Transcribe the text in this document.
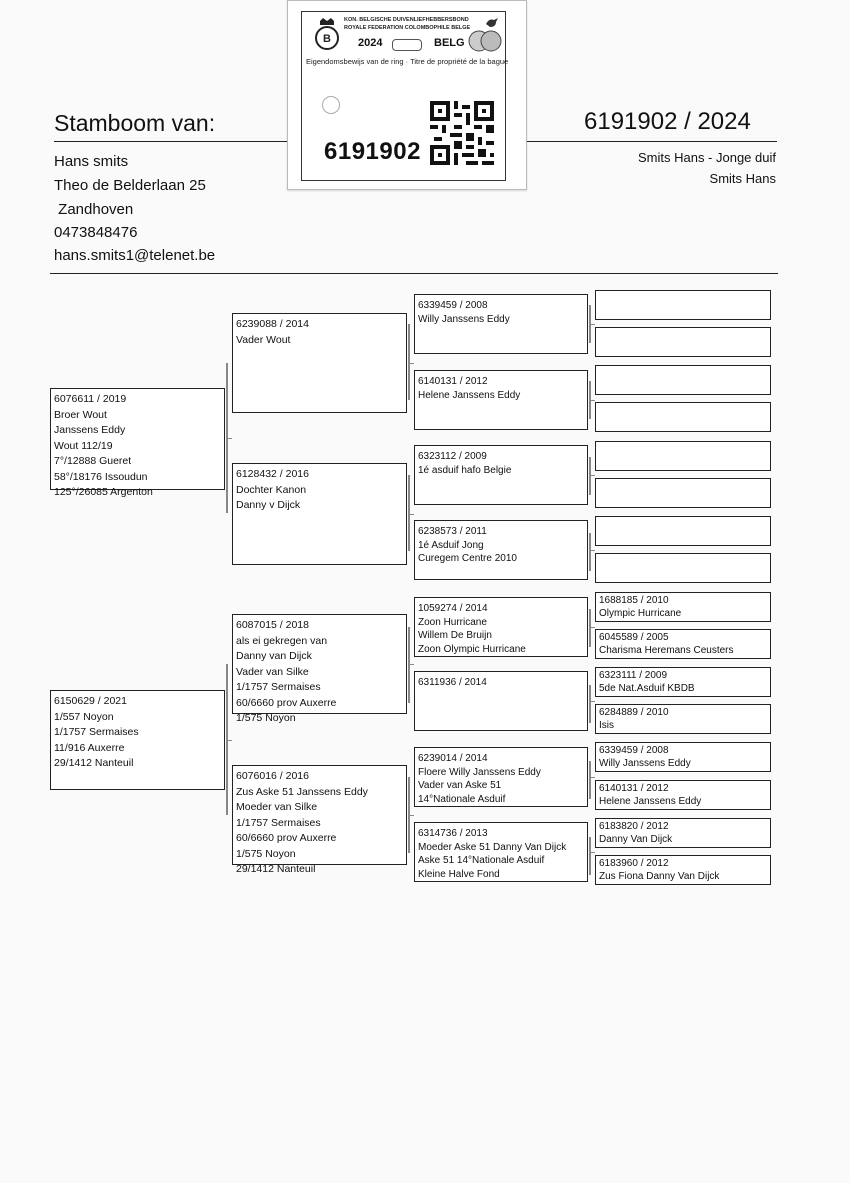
B
KON. BELGISCHE DUIVENLIEFHEBBERSBOND
ROYALE FEDERATION COLOMBOPHILE BELGE
2024	BELG
Eigendomsbewijs van de ring · Titre de propriété de la bague
6191902
Stamboom van:	6191902 / 2024
Hans smits
Theo de Belderlaan 25
Zandhoven
0473848476
hans.smits1@telenet.be
Smits Hans - Jonge duif
Smits Hans
6076611 / 2019
Broer Wout
Janssens Eddy
Wout 112/19
7°/12888 Gueret
58°/18176 Issoudun
125°/26085 Argenton
6150629 / 2021
1/557 Noyon
1/1757 Sermaises
11/916 Auxerre
29/1412 Nanteuil
6239088 / 2014
Vader Wout
6128432 / 2016
Dochter Kanon
Danny v Dijck
6087015 / 2018
als ei gekregen van
Danny van Dijck
Vader van Silke
1/1757 Sermaises
60/6660 prov Auxerre
1/575 Noyon
6076016 / 2016
Zus Aske 51 Janssens Eddy
Moeder van Silke
1/1757 Sermaises
60/6660 prov Auxerre
1/575 Noyon
29/1412 Nanteuil
6339459 / 2008
Willy Janssens Eddy
6140131 / 2012
Helene Janssens Eddy
6323112 / 2009
1é asduif hafo Belgie
6238573 / 2011
1é Asduif Jong
Curegem Centre 2010
1059274 / 2014
Zoon Hurricane
Willem De Bruijn
Zoon Olympic Hurricane
6311936 / 2014
6239014 / 2014
Floere Willy Janssens Eddy
Vader van Aske 51
14°Nationale Asduif
6314736 / 2013
Moeder Aske 51 Danny Van Dijck
Aske 51 14°Nationale Asduif
Kleine Halve Fond
1688185 / 2010
Olympic Hurricane
6045589 / 2005
Charisma Heremans Ceusters
6323111 / 2009
5de Nat.Asduif KBDB
6284889 / 2010
Isis
6339459 / 2008
Willy Janssens Eddy
6140131 / 2012
Helene Janssens Eddy
6183820 / 2012
Danny Van Dijck
6183960 / 2012
Zus Fiona Danny Van Dijck
